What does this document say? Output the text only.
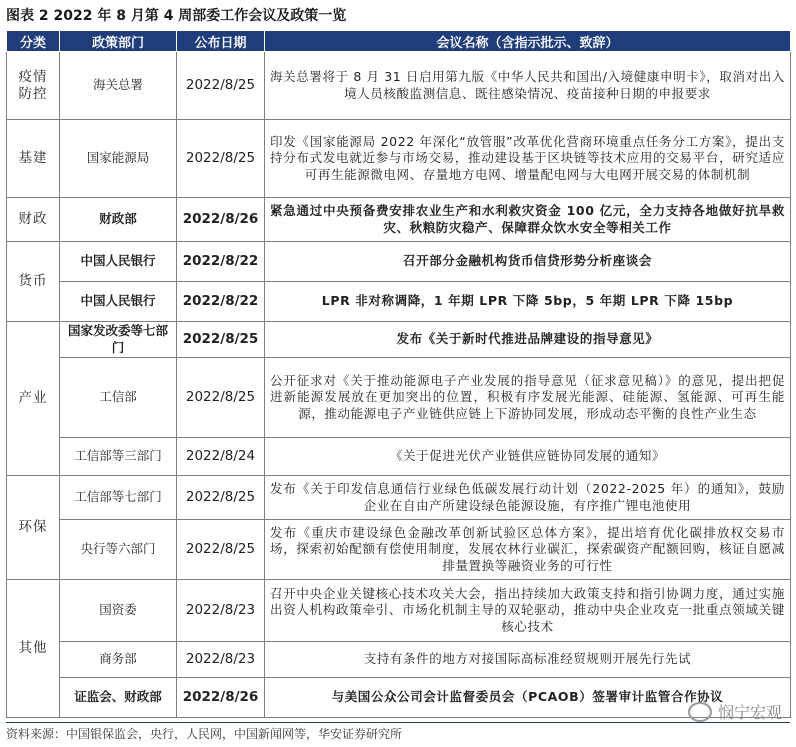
图表 2 2022 年 8 月第 4 周部委工作会议及政策一览
分类	政策部门	公布日期	会议名称（含指示批示、致辞）
疫情防控	海关总署	2022/8/25	海关总署将于 8 月 31 日启用第九版《中华人民共和国出/入境健康申明卡》，取消对出入境人员核酸监测信息、既往感染情况、疫苗接种日期的申报要求
基建	国家能源局	2022/8/25	印发《国家能源局 2022 年深化“放管服”改革优化营商环境重点任务分工方案》，提出支持分布式发电就近参与市场交易，推动建设基于区块链等技术应用的交易平台，研究适应可再生能源微电网、存量地方电网、增量配电网与大电网开展交易的体制机制
财政	财政部	2022/8/26	紧急通过中央预备费安排农业生产和水利救灾资金 100 亿元，全力支持各地做好抗旱救灾、秋粮防灾稳产、保障群众饮水安全等相关工作
货币	中国人民银行	2022/8/22	召开部分金融机构货币信贷形势分析座谈会
	中国人民银行	2022/8/22	LPR 非对称调降，1 年期 LPR 下降 5bp，5 年期 LPR 下降 15bp
产业	国家发改委等七部门	2022/8/25	发布《关于新时代推进品牌建设的指导意见》
	工信部	2022/8/25	公开征求对《关于推动能源电子产业发展的指导意见（征求意见稿）》的意见，提出把促进新能源发展放在更加突出的位置，积极有序发展光能源、硅能源、氢能源、可再生能源，推动能源电子产业链供应链上下游协同发展，形成动态平衡的良性产业生态
	工信部等三部门	2022/8/24	《关于促进光伏产业链供应链协同发展的通知》
环保	工信部等七部门	2022/8/25	发布《关于印发信息通信行业绿色低碳发展行动计划（2022-2025 年）的通知》，鼓励企业在自由产所建设绿色能源设施，有序推广锂电池使用
	央行等六部门	2022/8/25	发布《重庆市建设绿色金融改革创新试验区总体方案》，提出培育优化碳排放权交易市场，探索初始配额有偿使用制度，发展农林行业碳汇，探索碳资产配额回购，核证自愿减排量置换等融资业务的可行性
其他	国资委	2022/8/23	召开中央企业关键核心技术攻关大会，指出持续加大政策支持和指引协调力度，通过实施出资人机构政策牵引、市场化机制主导的双轮驱动，推动中央企业攻克一批重点领域关键核心技术
	商务部	2022/8/23	支持有条件的地方对接国际高标准经贸规则开展先行先试
	证监会、财政部	2022/8/26	与美国公众公司会计监督委员会（PCAOB）签署审计监管合作协议
悯宁宏观
资料来源：中国银保监会，央行，人民网，中国新闻网等，华安证券研究所
